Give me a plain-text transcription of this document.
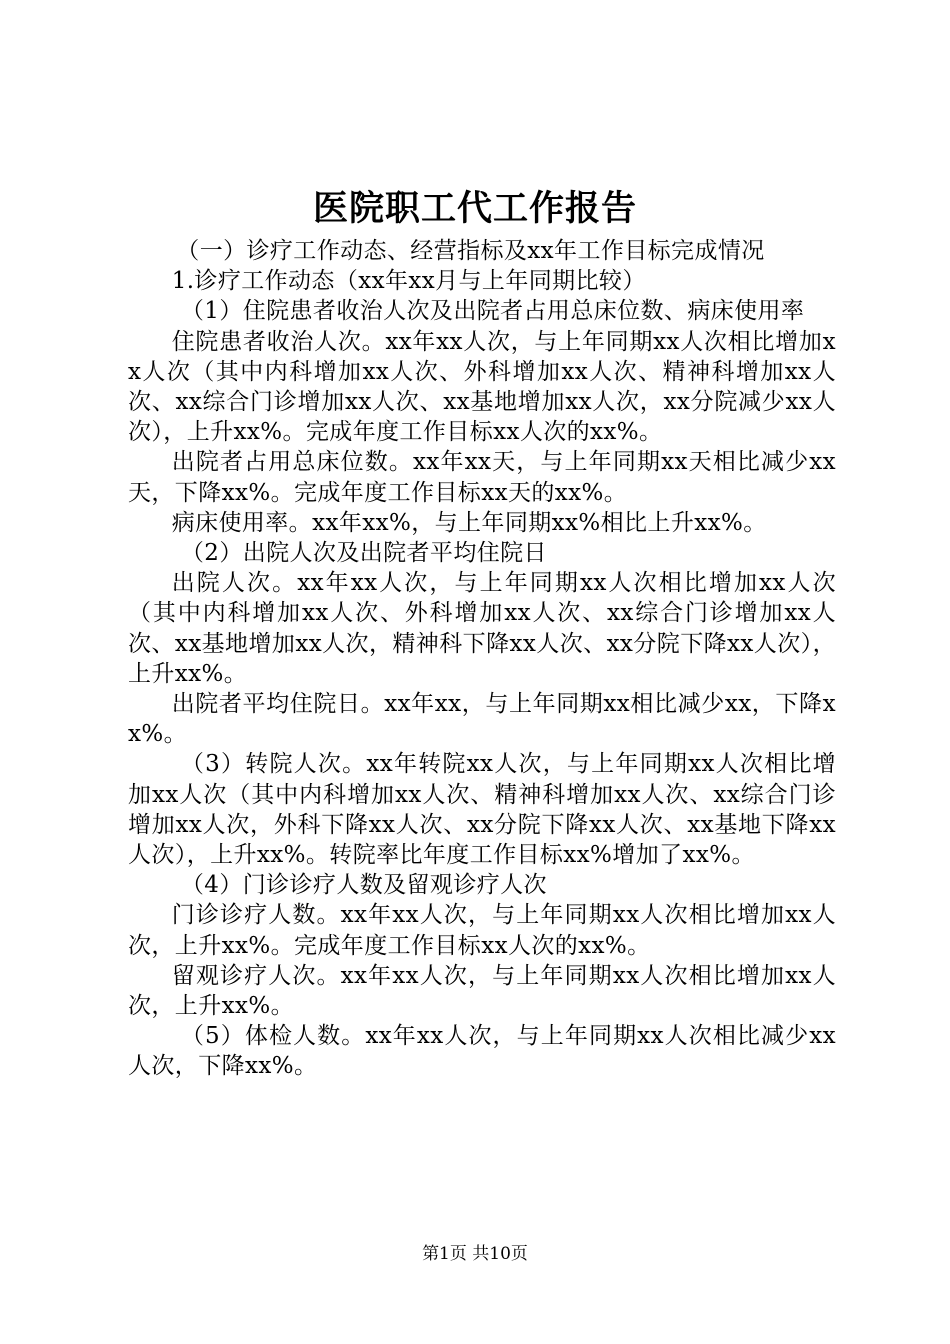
医院职工代工作报告

（一）诊疗工作动态、经营指标及xx年工作目标完成情况

1.诊疗工作动态（xx年xx月与上年同期比较）

（1）住院患者收治人次及出院者占用总床位数、病床使用率

住院患者收治人次。xx年xx人次，与上年同期xx人次相比增加xx人次（其中内科增加xx人次、外科增加xx人次、精神科增加xx人次、xx综合门诊增加xx人次、xx基地增加xx人次，xx分院减少xx人次），上升xx%。完成年度工作目标xx人次的xx%。

出院者占用总床位数。xx年xx天，与上年同期xx天相比减少xx天，下降xx%。完成年度工作目标xx天的xx%。

病床使用率。xx年xx%，与上年同期xx%相比上升xx%。

（2）出院人次及出院者平均住院日

出院人次。xx年xx人次，与上年同期xx人次相比增加xx人次（其中内科增加xx人次、外科增加xx人次、xx综合门诊增加xx人次、xx基地增加xx人次，精神科下降xx人次、xx分院下降xx人次），上升xx%。

出院者平均住院日。xx年xx，与上年同期xx相比减少xx，下降xx%。

（3）转院人次。xx年转院xx人次，与上年同期xx人次相比增加xx人次（其中内科增加xx人次、精神科增加xx人次、xx综合门诊增加xx人次，外科下降xx人次、xx分院下降xx人次、xx基地下降xx人次），上升xx%。转院率比年度工作目标xx%增加了xx%。

（4）门诊诊疗人数及留观诊疗人次

门诊诊疗人数。xx年xx人次，与上年同期xx人次相比增加xx人次，上升xx%。完成年度工作目标xx人次的xx%。

留观诊疗人次。xx年xx人次，与上年同期xx人次相比增加xx人次，上升xx%。

（5）体检人数。xx年xx人次，与上年同期xx人次相比减少xx人次，下降xx%。

第1页 共10页
